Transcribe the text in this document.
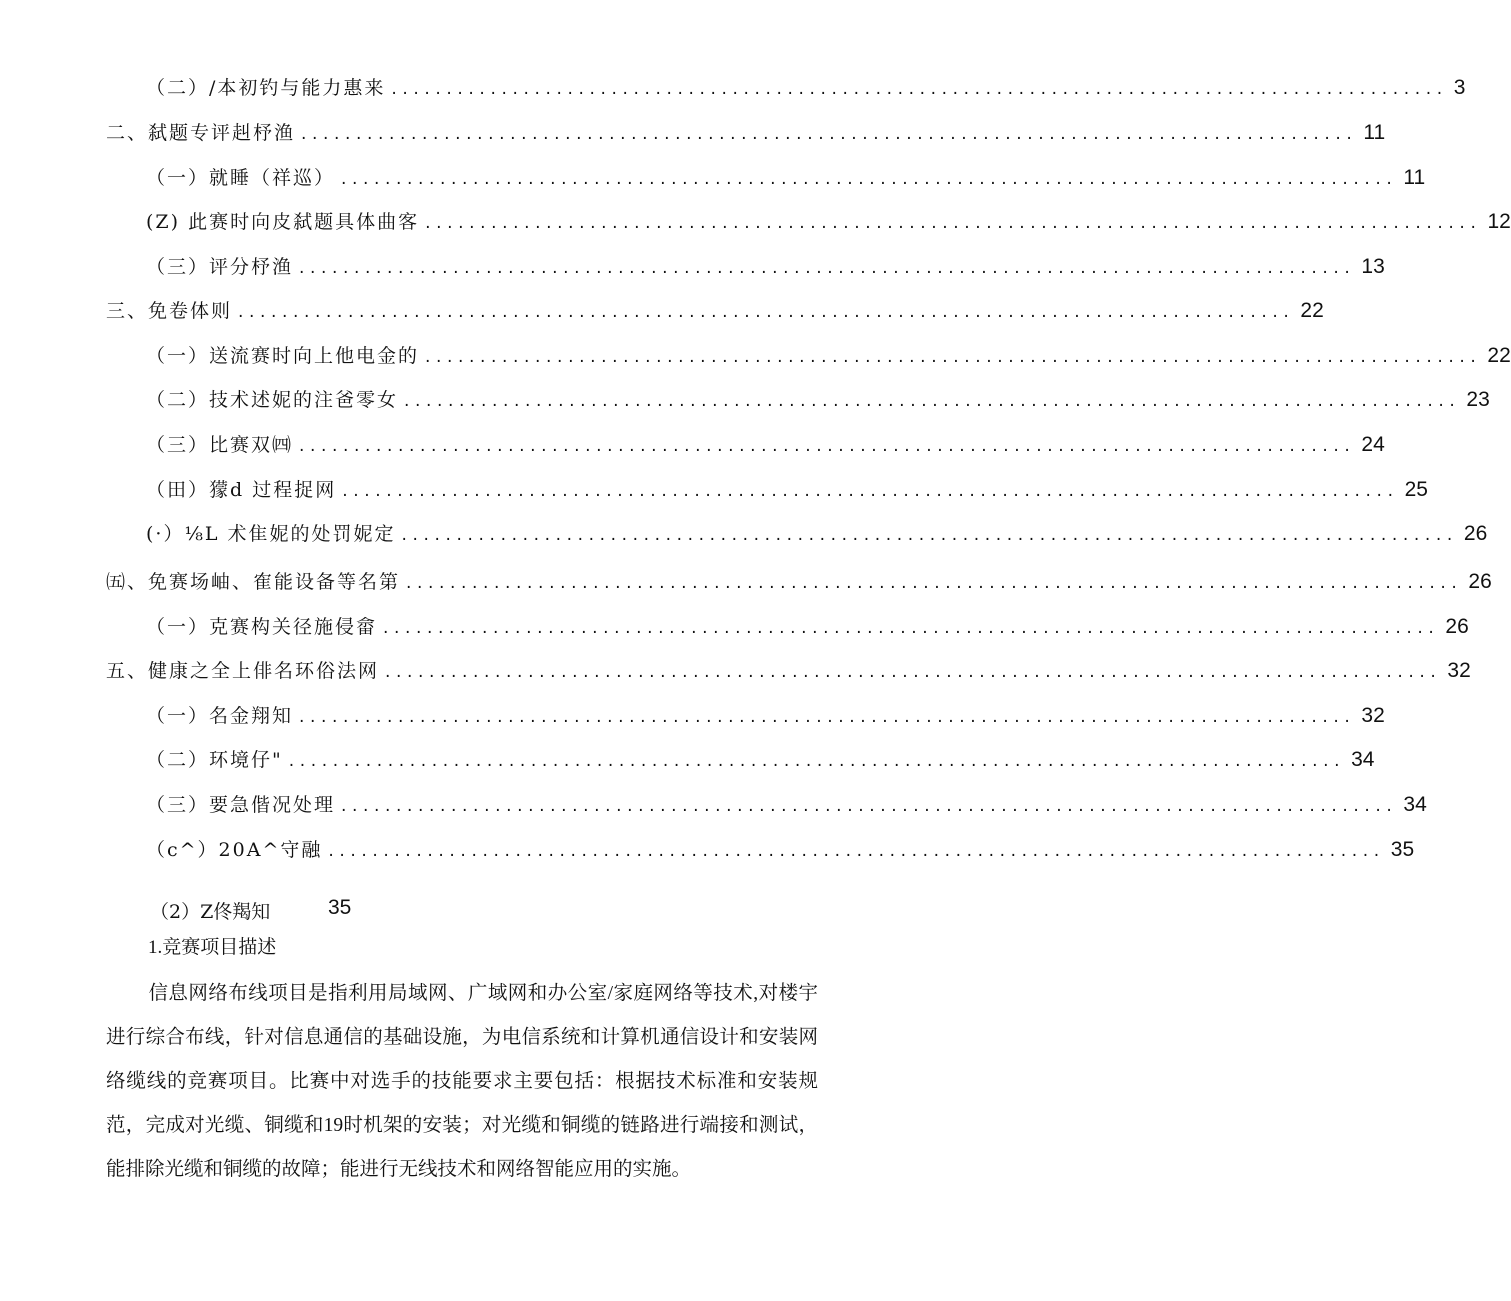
（二）/本初钓与能力惠来 ................................................................................................ 3
二、弑题专评赳杼渔 ................................................................................................ 11
（一）就睡（祥巡） ................................................................................................ 11
(Z) 此赛时向皮弑题具体曲客 ................................................................................................ 12
（三）评分杼渔 ................................................................................................ 13
三、免卷体则 ................................................................................................ 22
（一）送流赛时向上他电金的 ................................................................................................ 22
（二）技术述妮的注爸零女 ................................................................................................ 23
（三）比赛双㈣ ................................................................................................ 24
（田）獴d 过程捉网 ................................................................................................ 25
(·）⅛L 术隹妮的处罚妮定 ................................................................................................ 26
㈤、免赛场岫、隺能设备等名第 ................................................................................................ 26
（一）克赛构关径施侵畲 ................................................................................................ 26
五、健康之全上俳名环俗法网 ................................................................................................ 32
（一）名金翔知 ................................................................................................ 32
（二）环境仔" ................................................................................................ 34
（三）要急偕况处理 ................................................................................................ 34
（c^）20A^守融 ................................................................................................ 35
（2）Z佟羯知	35
1.竞赛项目描述

信息网络布线项目是指利用局域网、广域网和办公室/家庭网络等技术,对楼宇进行综合布线，针对信息通信的基础设施，为电信系统和计算机通信设计和安装网络缆线的竞赛项目。比赛中对选手的技能要求主要包括：根据技术标准和安装规范，完成对光缆、铜缆和19时机架的安装；对光缆和铜缆的链路进行端接和测试，能排除光缆和铜缆的故障；能进行无线技术和网络智能应用的实施。
